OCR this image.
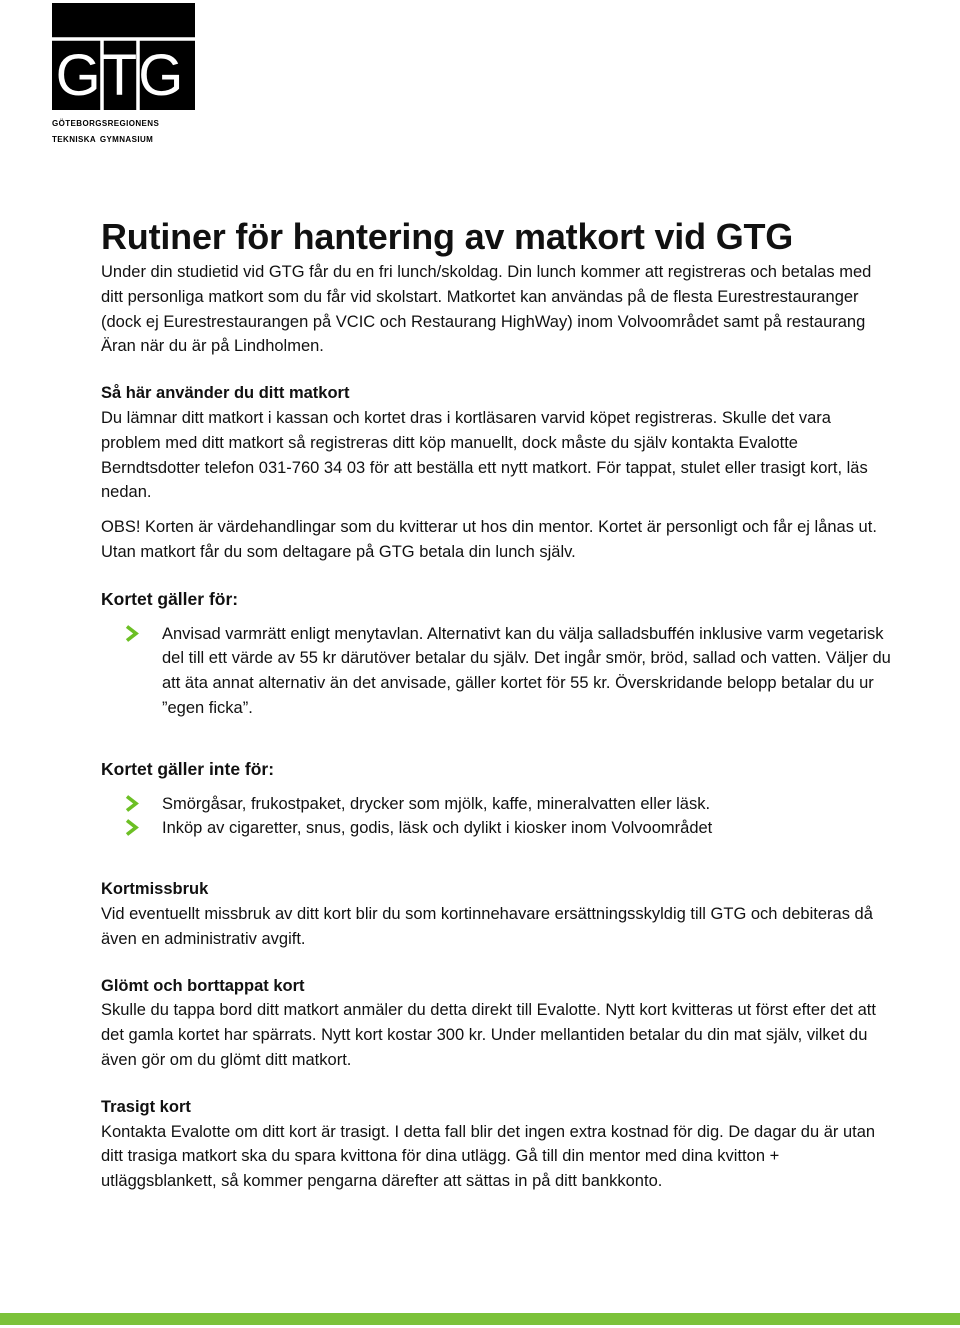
GTG
göteborgsregionens
tekniska gymnasium
Rutiner för hantering av matkort vid GTG

Under din studietid vid GTG får du en fri lunch/skoldag. Din lunch kommer att registreras och betalas med ditt personliga matkort som du får vid skolstart. Matkortet kan användas på de flesta Eurestrestauranger (dock ej Eurestrestaurangen på VCIC och Restaurang HighWay) inom Volvoområdet samt på restaurang Äran när du är på Lindholmen.

Så här använder du ditt matkort

Du lämnar ditt matkort i kassan och kortet dras i kortläsaren varvid köpet registreras. Skulle det vara problem med ditt matkort så registreras ditt köp manuellt, dock måste du själv kontakta Evalotte Berndtsdotter telefon 031-760 34 03 för att beställa ett nytt matkort. För tappat, stulet eller trasigt kort, läs nedan.

OBS! Korten är värdehandlingar som du kvitterar ut hos din mentor. Kortet är personligt och får ej lånas ut. Utan matkort får du som deltagare på GTG betala din lunch själv.

Kortet gäller för:

Anvisad varmrätt enligt menytavlan. Alternativt kan du välja salladsbuffén inklusive varm vegetarisk del till ett värde av 55 kr därutöver betalar du själv. Det ingår smör, bröd, sallad och vatten. Väljer du att äta annat alternativ än det anvisade, gäller kortet för 55 kr. Överskridande belopp betalar du ur ”egen ficka”.

Kortet gäller inte för:

Smörgåsar, frukostpaket, drycker som mjölk, kaffe, mineralvatten eller läsk.
Inköp av cigaretter, snus, godis, läsk och dylikt i kiosker inom Volvoområdet

Kortmissbruk

Vid eventuellt missbruk av ditt kort blir du som kortinnehavare ersättningsskyldig till GTG och debiteras då även en administrativ avgift.

Glömt och borttappat kort

Skulle du tappa bord ditt matkort anmäler du detta direkt till Evalotte. Nytt kort kvitteras ut först efter det att det gamla kortet har spärrats. Nytt kort kostar 300 kr. Under mellantiden betalar du din mat själv, vilket du även gör om du glömt ditt matkort.

Trasigt kort

Kontakta Evalotte om ditt kort är trasigt. I detta fall blir det ingen extra kostnad för dig. De dagar du är utan ditt trasiga matkort ska du spara kvittona för dina utlägg. Gå till din mentor med dina kvitton + utläggsblankett, så kommer pengarna därefter att sättas in på ditt bankkonto.
